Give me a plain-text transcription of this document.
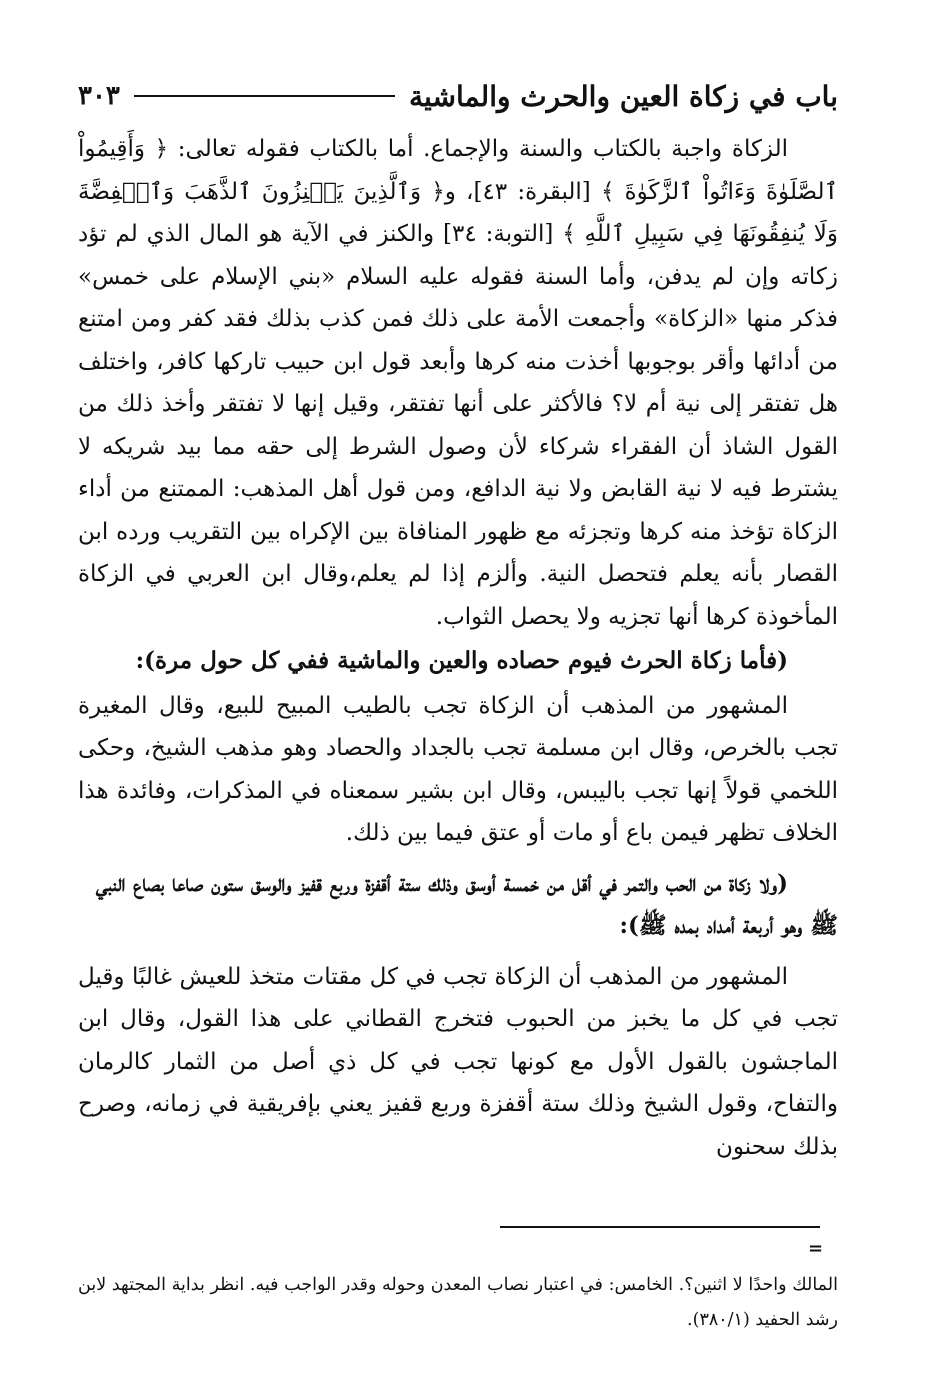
باب في زكاة العين والحرث والماشية
٣٠٣

الزكاة واجبة بالكتاب والسنة والإجماع. أما بالكتاب فقوله تعالى: ﴿ وَأَقِيمُواْ ٱلصَّلَوٰةَ وَءَاتُواْ ٱلزَّكَوٰةَ ﴾ [البقرة: ٤٣]، و﴿ وَٱلَّذِينَ يَكۡنِزُونَ ٱلذَّهَبَ وَٱلۡفِضَّةَ وَلَا يُنفِقُونَهَا فِي سَبِيلِ ٱللَّهِ ﴾ [التوبة: ٣٤] والكنز في الآية هو المال الذي لم تؤد زكاته وإن لم يدفن، وأما السنة فقوله عليه السلام «بني الإسلام على خمس» فذكر منها «الزكاة» وأجمعت الأمة على ذلك فمن كذب بذلك فقد كفر ومن امتنع من أدائها وأقر بوجوبها أخذت منه كرها وأبعد قول ابن حبيب تاركها كافر، واختلف هل تفتقر إلى نية أم لا؟ فالأكثر على أنها تفتقر، وقيل إنها لا تفتقر وأخذ ذلك من القول الشاذ أن الفقراء شركاء لأن وصول الشرط إلى حقه مما بيد شريكه لا يشترط فيه لا نية القابض ولا نية الدافع، ومن قول أهل المذهب: الممتنع من أداء الزكاة تؤخذ منه كرها وتجزئه مع ظهور المنافاة بين الإكراه بين التقريب ورده ابن القصار بأنه يعلم فتحصل النية. وألزم إذا لم يعلم،وقال ابن العربي في الزكاة المأخوذة كرها أنها تجزيه ولا يحصل الثواب.

(فأما زكاة الحرث فيوم حصاده والعين والماشية ففي كل حول مرة):

المشهور من المذهب أن الزكاة تجب بالطيب المبيح للبيع، وقال المغيرة تجب بالخرص، وقال ابن مسلمة تجب بالجداد والحصاد وهو مذهب الشيخ، وحكى اللخمي قولاً إنها تجب باليبس، وقال ابن بشير سمعناه في المذكرات، وفائدة هذا الخلاف تظهر فيمن باع أو مات أو عتق فيما بين ذلك.

(ولا زكاة من الحب والتمر في أقل من خمسة أوسق وذلك ستة أقفزة وربع قفيز والوسق ستون صاعا بصاع النبي ﷺ وهو أربعة أمداد بمده ﷺ):

المشهور من المذهب أن الزكاة تجب في كل مقتات متخذ للعيش غالبًا وقيل تجب في كل ما يخبز من الحبوب فتخرج القطاني على هذا القول، وقال ابن الماجشون بالقول الأول مع كونها تجب في كل ذي أصل من الثمار كالرمان والتفاح، وقول الشيخ وذلك ستة أقفزة وربع قفيز يعني بإفريقية في زمانه، وصرح بذلك سحنون

=

المالك واحدًا لا اثنين؟. الخامس: في اعتبار نصاب المعدن وحوله وقدر الواجب فيه. انظر بداية المجتهد لابن رشد الحفيد (٣٨٠/١).
